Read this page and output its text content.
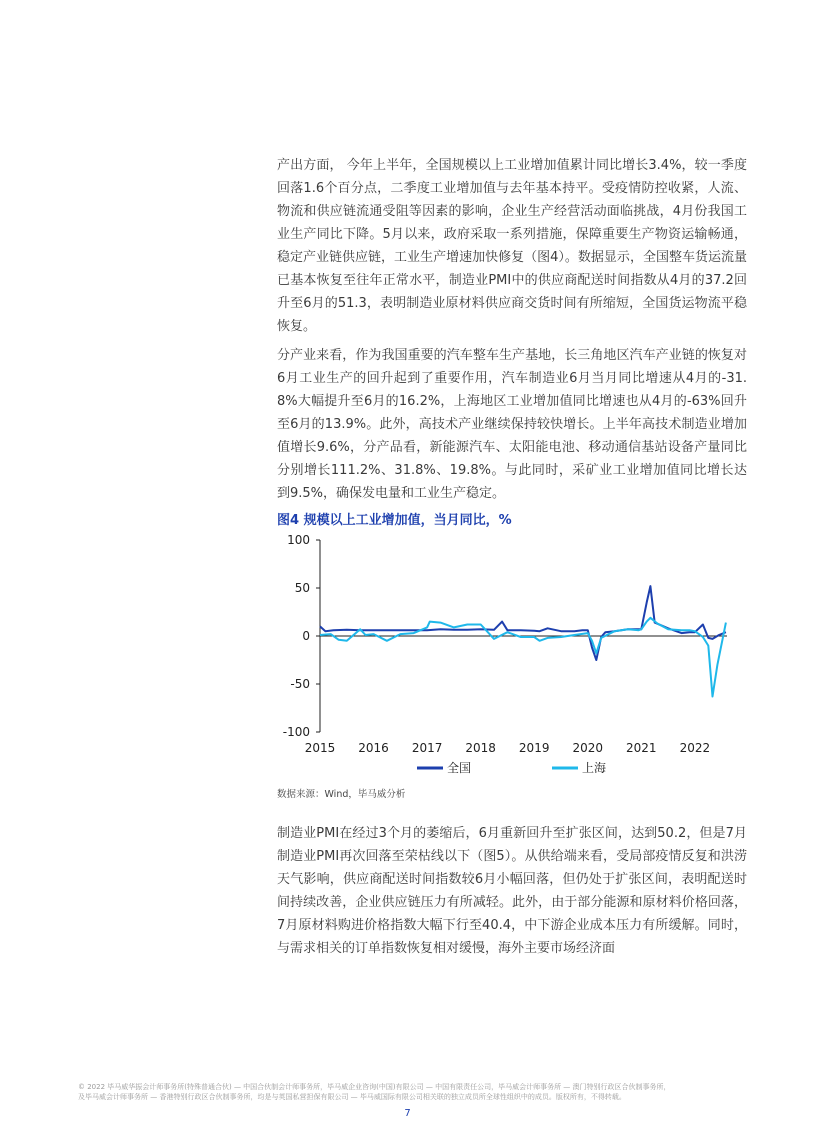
产出方面， 今年上半年，全国规模以上工业增加值累计同比增长3.4%，较一季度回落1.6个百分点，二季度工业增加值与去年基本持平。受疫情防控收紧，人流、物流和供应链流通受阻等因素的影响，企业生产经营活动面临挑战，4月份我国工业生产同比下降。5月以来，政府采取一系列措施，保障重要生产物资运输畅通，稳定产业链供应链，工业生产增速加快修复（图4）。数据显示，全国整车货运流量已基本恢复至往年正常水平，制造业PMI中的供应商配送时间指数从4月的37.2回升至6月的51.3，表明制造业原材料供应商交货时间有所缩短，全国货运物流平稳恢复。

分产业来看，作为我国重要的汽车整车生产基地，长三角地区汽车产业链的恢复对6月工业生产的回升起到了重要作用，汽车制造业6月当月同比增速从4月的-31.8%大幅提升至6月的16.2%，上海地区工业增加值同比增速也从4月的-63%回升至6月的13.9%。此外，高技术产业继续保持较快增长。上半年高技术制造业增加值增长9.6%，分产品看，新能源汽车、太阳能电池、移动通信基站设备产量同比分别增长111.2%、31.8%、19.8%。与此同时，采矿业工业增加值同比增长达到9.5%，确保发电量和工业生产稳定。

图4 规模以上工业增加值，当月同比，%

100
50
0
-50
-100
2015 2016 2017 2018 2019 2020 2021 2022
全国	上海

数据来源：Wind，毕马威分析

制造业PMI在经过3个月的萎缩后，6月重新回升至扩张区间，达到50.2，但是7月制造业PMI再次回落至荣枯线以下（图5）。从供给端来看，受局部疫情反复和洪涝天气影响，供应商配送时间指数较6月小幅回落，但仍处于扩张区间，表明配送时间持续改善，企业供应链压力有所减轻。此外，由于部分能源和原材料价格回落，7月原材料购进价格指数大幅下行至40.4，中下游企业成本压力有所缓解。同时，与需求相关的订单指数恢复相对缓慢，海外主要市场经济面

© 2022 毕马威华振会计师事务所(特殊普通合伙) — 中国合伙制会计师事务所，毕马威企业咨询(中国)有限公司 — 中国有限责任公司，毕马威会计师事务所 — 澳门特别行政区合伙制事务所，
及毕马威会计师事务所 — 香港特别行政区合伙制事务所，均是与英国私营担保有限公司 — 毕马威国际有限公司相关联的独立成员所全球性组织中的成员。版权所有，不得转载。

7
